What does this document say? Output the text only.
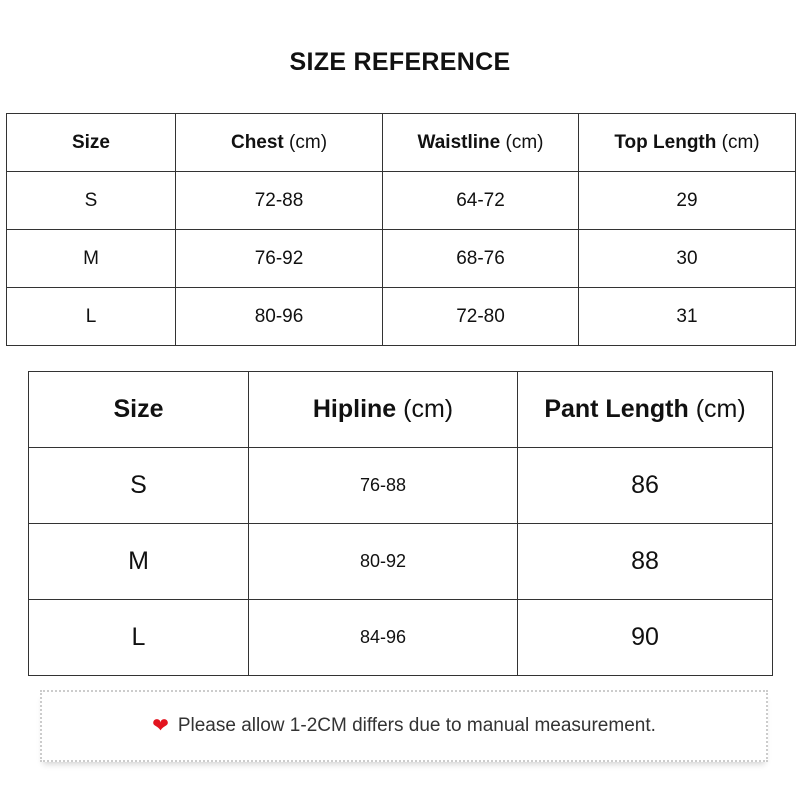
SIZE REFERENCE
Size	Chest (cm)	Waistline (cm)	Top Length (cm)
S	72-88	64-72	29
M	76-92	68-76	30
L	80-96	72-80	31
Size	Hipline (cm)	Pant Length (cm)
S	76-88	86
M	80-92	88
L	84-96	90
❤ Please allow 1-2CM differs due to manual measurement.
